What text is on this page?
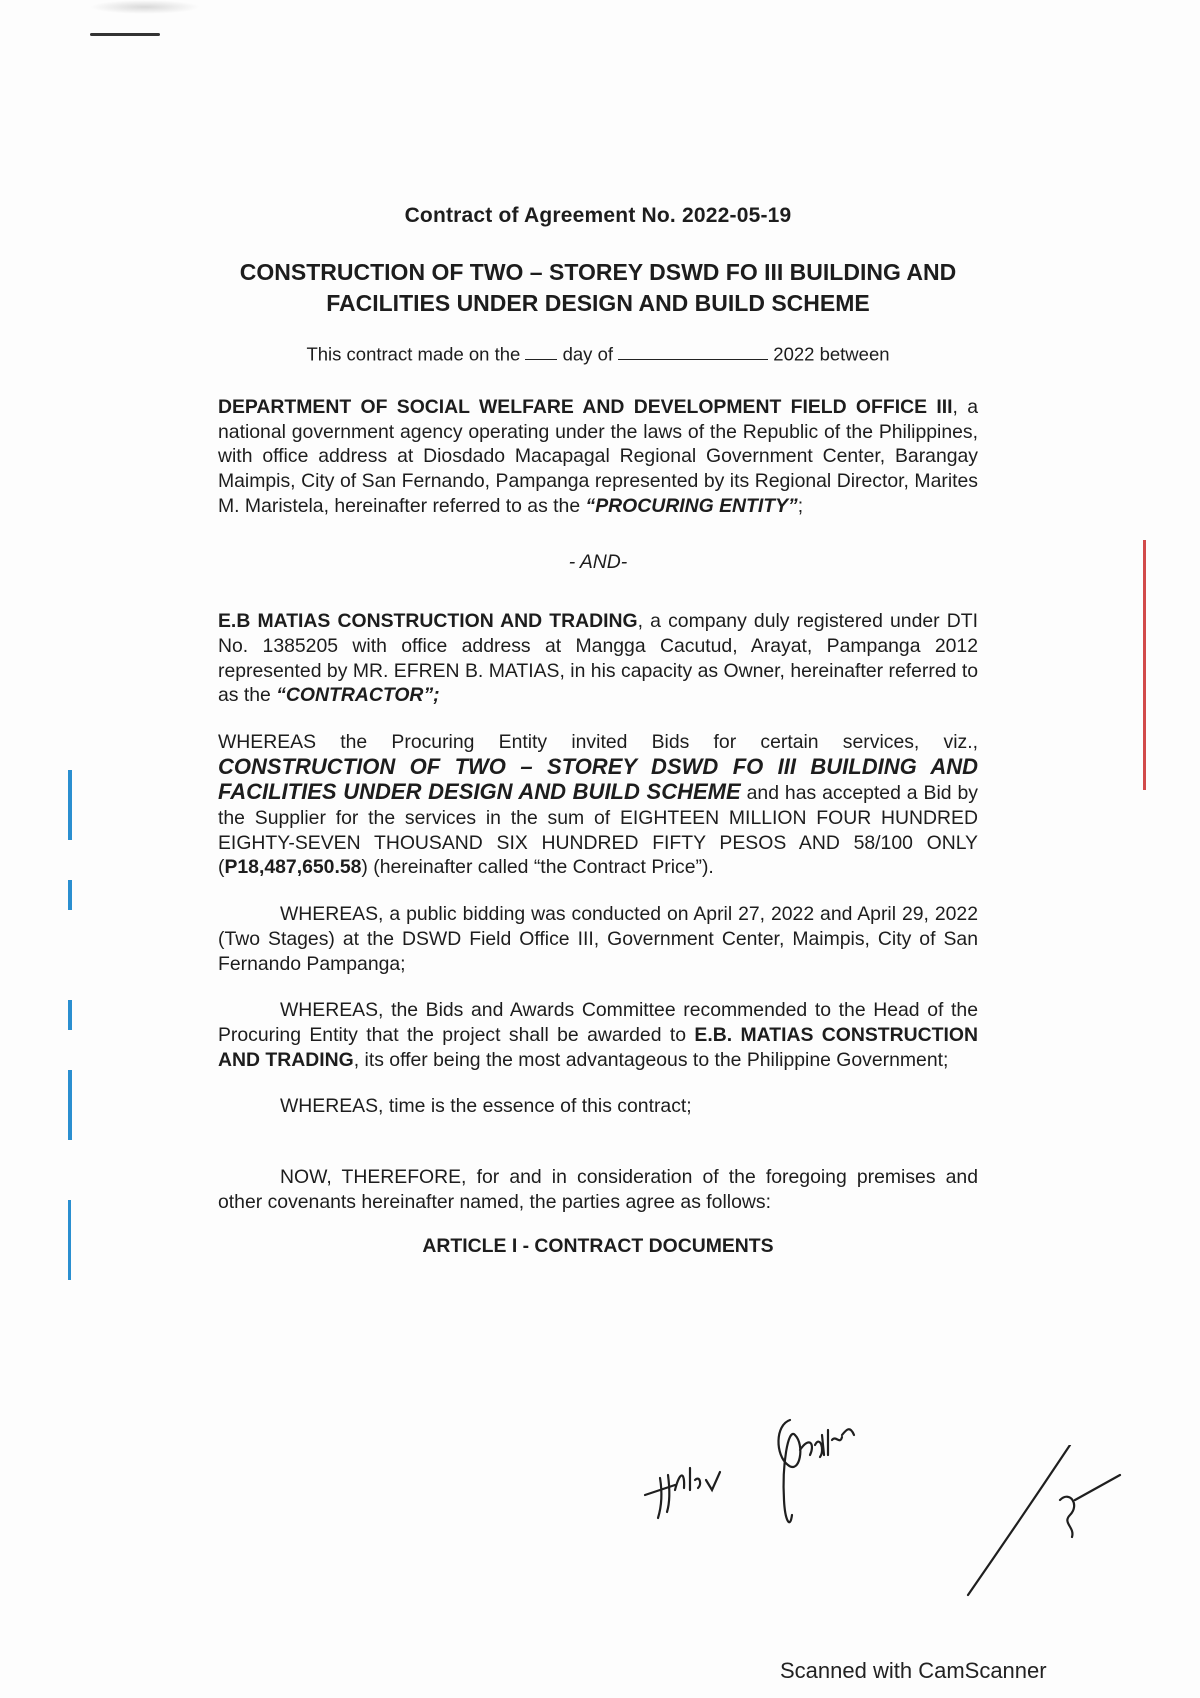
Contract of Agreement No. 2022-05-19
CONSTRUCTION OF TWO – STOREY DSWD FO III BUILDING AND
FACILITIES UNDER DESIGN AND BUILD SCHEME
This contract made on the day of	2022 between

DEPARTMENT OF SOCIAL WELFARE AND DEVELOPMENT FIELD OFFICE III, a national government agency operating under the laws of the Republic of the Philippines, with office address at Diosdado Macapagal Regional Government Center, Barangay Maimpis, City of San Fernando, Pampanga represented by its Regional Director, Marites M. Maristela, hereinafter referred to as the “PROCURING ENTITY”;

- AND-

E.B MATIAS CONSTRUCTION AND TRADING, a company duly registered under DTI No. 1385205 with office address at Mangga Cacutud, Arayat, Pampanga 2012 represented by MR. EFREN B. MATIAS, in his capacity as Owner, hereinafter referred to as the “CONTRACTOR”;

WHEREAS the Procuring Entity invited Bids for certain services, viz., CONSTRUCTION OF TWO – STOREY DSWD FO III BUILDING AND FACILITIES UNDER DESIGN AND BUILD SCHEME and has accepted a Bid by the Supplier for the services in the sum of EIGHTEEN MILLION FOUR HUNDRED EIGHTY-SEVEN THOUSAND SIX HUNDRED FIFTY PESOS AND 58/100 ONLY (P18,487,650.58) (hereinafter called “the Contract Price”).

WHEREAS, a public bidding was conducted on April 27, 2022 and April 29, 2022 (Two Stages) at the DSWD Field Office III, Government Center, Maimpis, City of San Fernando Pampanga;

WHEREAS, the Bids and Awards Committee recommended to the Head of the Procuring Entity that the project shall be awarded to E.B. MATIAS CONSTRUCTION AND TRADING, its offer being the most advantageous to the Philippine Government;

WHEREAS, time is the essence of this contract;

NOW, THEREFORE, for and in consideration of the foregoing premises and other covenants hereinafter named, the parties agree as follows:

ARTICLE I - CONTRACT DOCUMENTS
Scanned with CamScanner
